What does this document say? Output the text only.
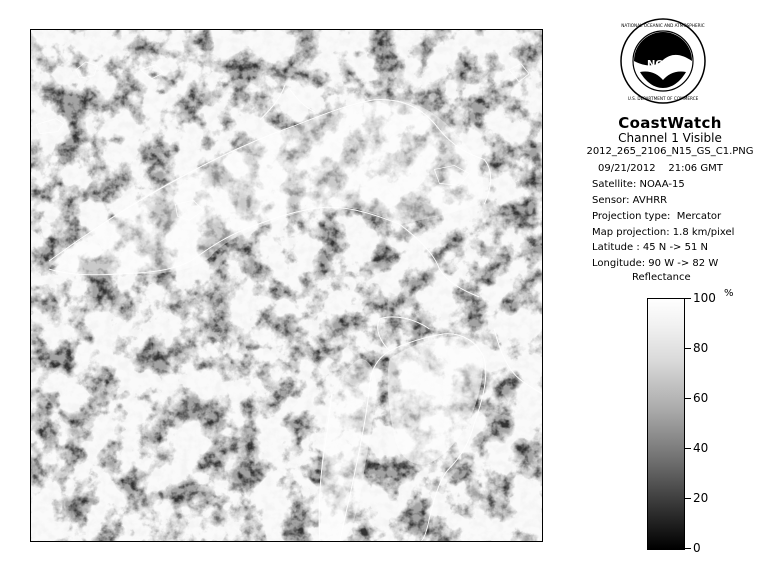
NOAA
NATIONAL OCEANIC AND ATMOSPHERIC
U.S. DEPARTMENT OF COMMERCE
CoastWatch
Channel 1 Visible
2012_265_2106_N15_GS_C1.PNG
09/21/2012    21:06 GMT
Satellite: NOAA-15
Sensor: AVHRR
Projection type:  Mercator
Map projection: 1.8 km/pixel
Latitude : 45 N -> 51 N
Longitude: 90 W -> 82 W
Reflectance
%
100
80
60
40
20
0
